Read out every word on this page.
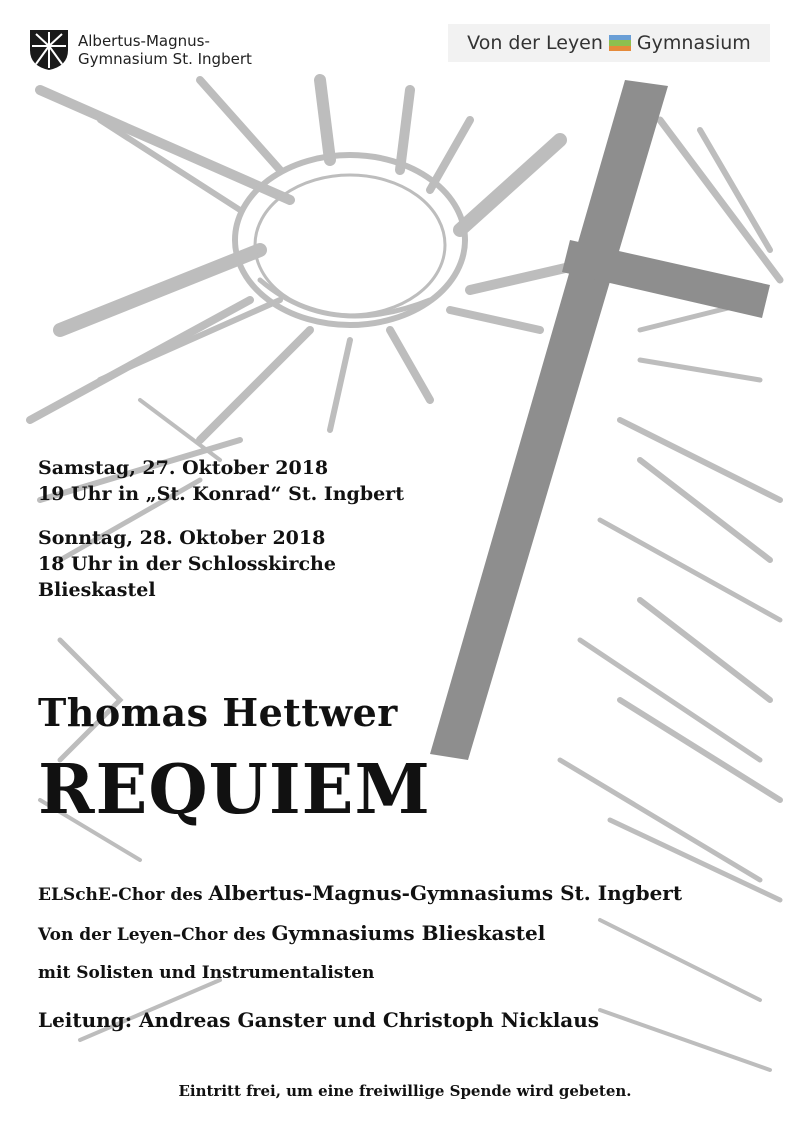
Albertus-Magnus-
Gymnasium St. Ingbert
Von der Leyen Gymnasium

Samstag, 27. Oktober 2018
19 Uhr in „St. Konrad“ St. Ingbert

Sonntag, 28. Oktober 2018
18 Uhr in der Schlosskirche
Blieskastel

Thomas Hettwer
REQUIEM
ELSchE-Chor des Albertus-Magnus-Gymnasiums St. Ingbert
Von der Leyen–Chor des Gymnasiums Blieskastel
mit Solisten und Instrumentalisten
Leitung: Andreas Ganster und Christoph Nicklaus
Eintritt frei, um eine freiwillige Spende wird gebeten.
